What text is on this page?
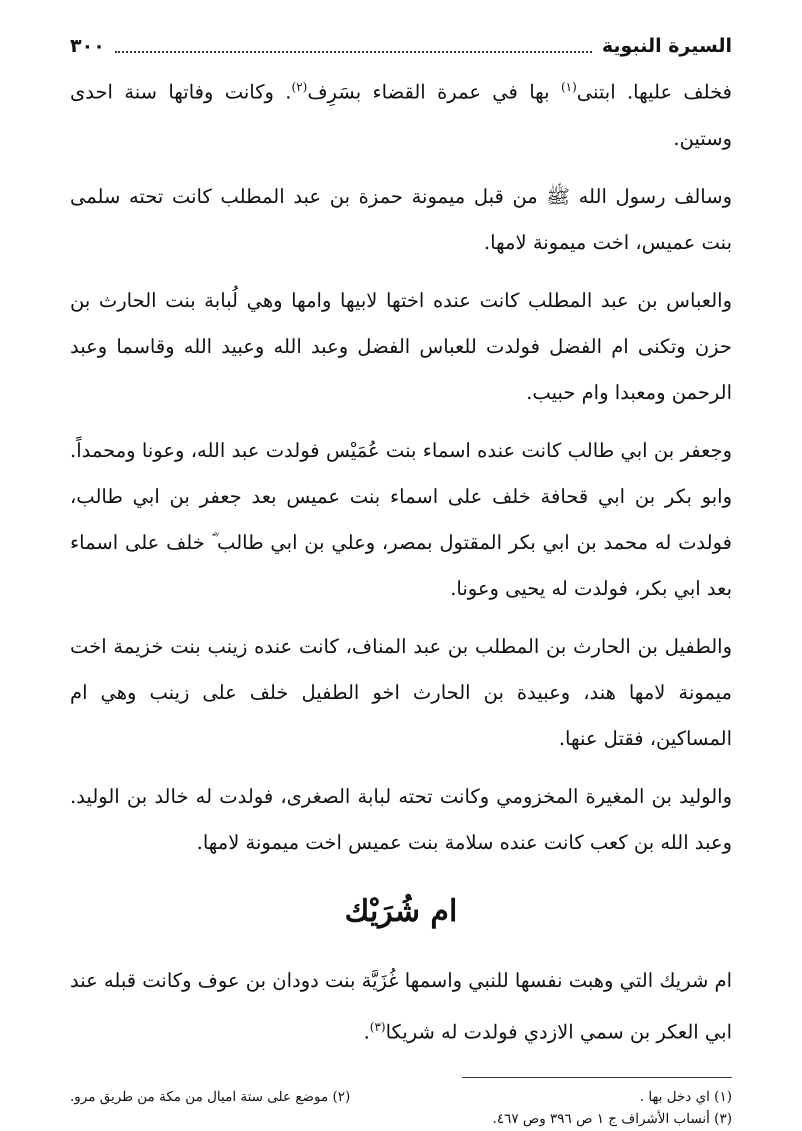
السيرة النبوية
٣٠٠

فخلف عليها. ابتنى$^{(١)}$ بها في عمرة القضاء بسَرِف$^{(٢)}$. وكانت وفاتها سنة احدى وستين.

وسالف رسول الله ﷺ من قبل ميمونة حمزة بن عبد المطلب كانت تحته سلمى بنت عميس، اخت ميمونة لامها.

والعباس بن عبد المطلب كانت عنده اختها لابيها وامها وهي لُبابة بنت الحارث بن حزن وتكنى ام الفضل فولدت للعباس الفضل وعبد الله وعبيد الله وقاسما وعبد الرحمن ومعبدا وام حبيب.

وجعفر بن ابي طالب كانت عنده اسماء بنت عُمَيْس فولدت عبد الله، وعونا ومحمداً. وابو بكر بن ابي قحافة خلف على اسماء بنت عميس بعد جعفر بن ابي طالب، فولدت له محمد بن ابي بكر المقتول بمصر، وعلي بن ابي طالب ؓ خلف على اسماء بعد ابي بكر، فولدت له يحيى وعونا.

والطفيل بن الحارث بن المطلب بن عبد المناف، كانت عنده زينب بنت خزيمة اخت ميمونة لامها هند، وعبيدة بن الحارث اخو الطفيل خلف على زينب وهي ام المساكين، فقتل عنها.

والوليد بن المغيرة المخزومي وكانت تحته لبابة الصغرى، فولدت له خالد بن الوليد. وعبد الله بن كعب كانت عنده سلامة بنت عميس اخت ميمونة لامها.

ام شُرَيْك

ام شريك التي وهبت نفسها للنبي واسمها غُزَيَّة بنت دودان بن عوف وكانت قبله عند ابي العكر بن سمي الازدي فولدت له شريكا$^{(٣)}$.

(١) اي دخل بها .
(٢) موضع على ستة اميال من مكة من طريق مرو.
(٣) أنساب الأشراف ج ١ ص ٣٩٦ وص ٤٦٧.
